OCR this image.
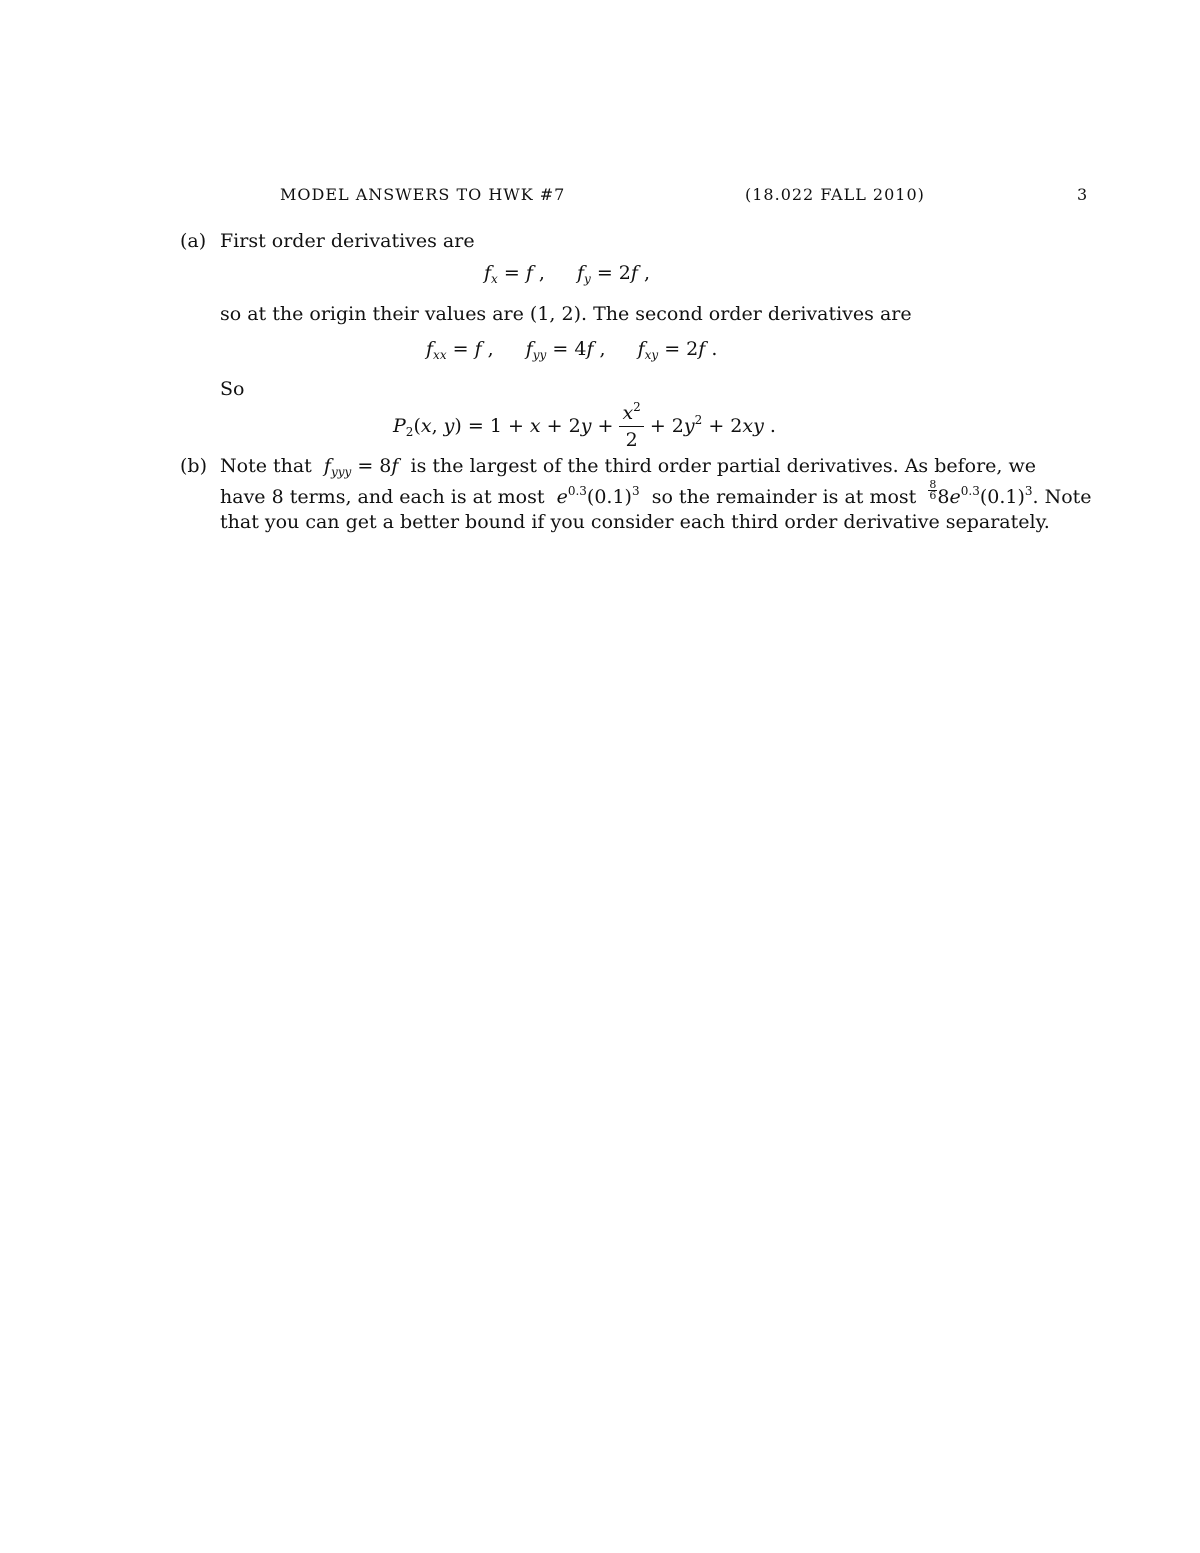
MODEL ANSWERS TO HWK #7	(18.022 FALL 2010)	3
(a) First order derivatives are
$f_x = f$ , $f_y = 2f$ ,
so at the origin their values are (1, 2). The second order derivatives are
$f_{xx} = f$ , $f_{yy} = 4f$ , $f_{xy} = 2f$ .
So
$P_2(x$, $y) = 1 + x + 2y + \frac{x^2}{2} + 2y^2 + 2xy$ .
(b) Note that $f_{yyy} = 8f$ is the largest of the third order partial derivatives. As before, we
have 8 terms, and each is at most $e^{0.3}(0.1)^3$ so the remainder is at most $\frac{8}{6} 8e^{0.3}(0.1)^3$. Note
that you can get a better bound if you consider each third order derivative separately.
